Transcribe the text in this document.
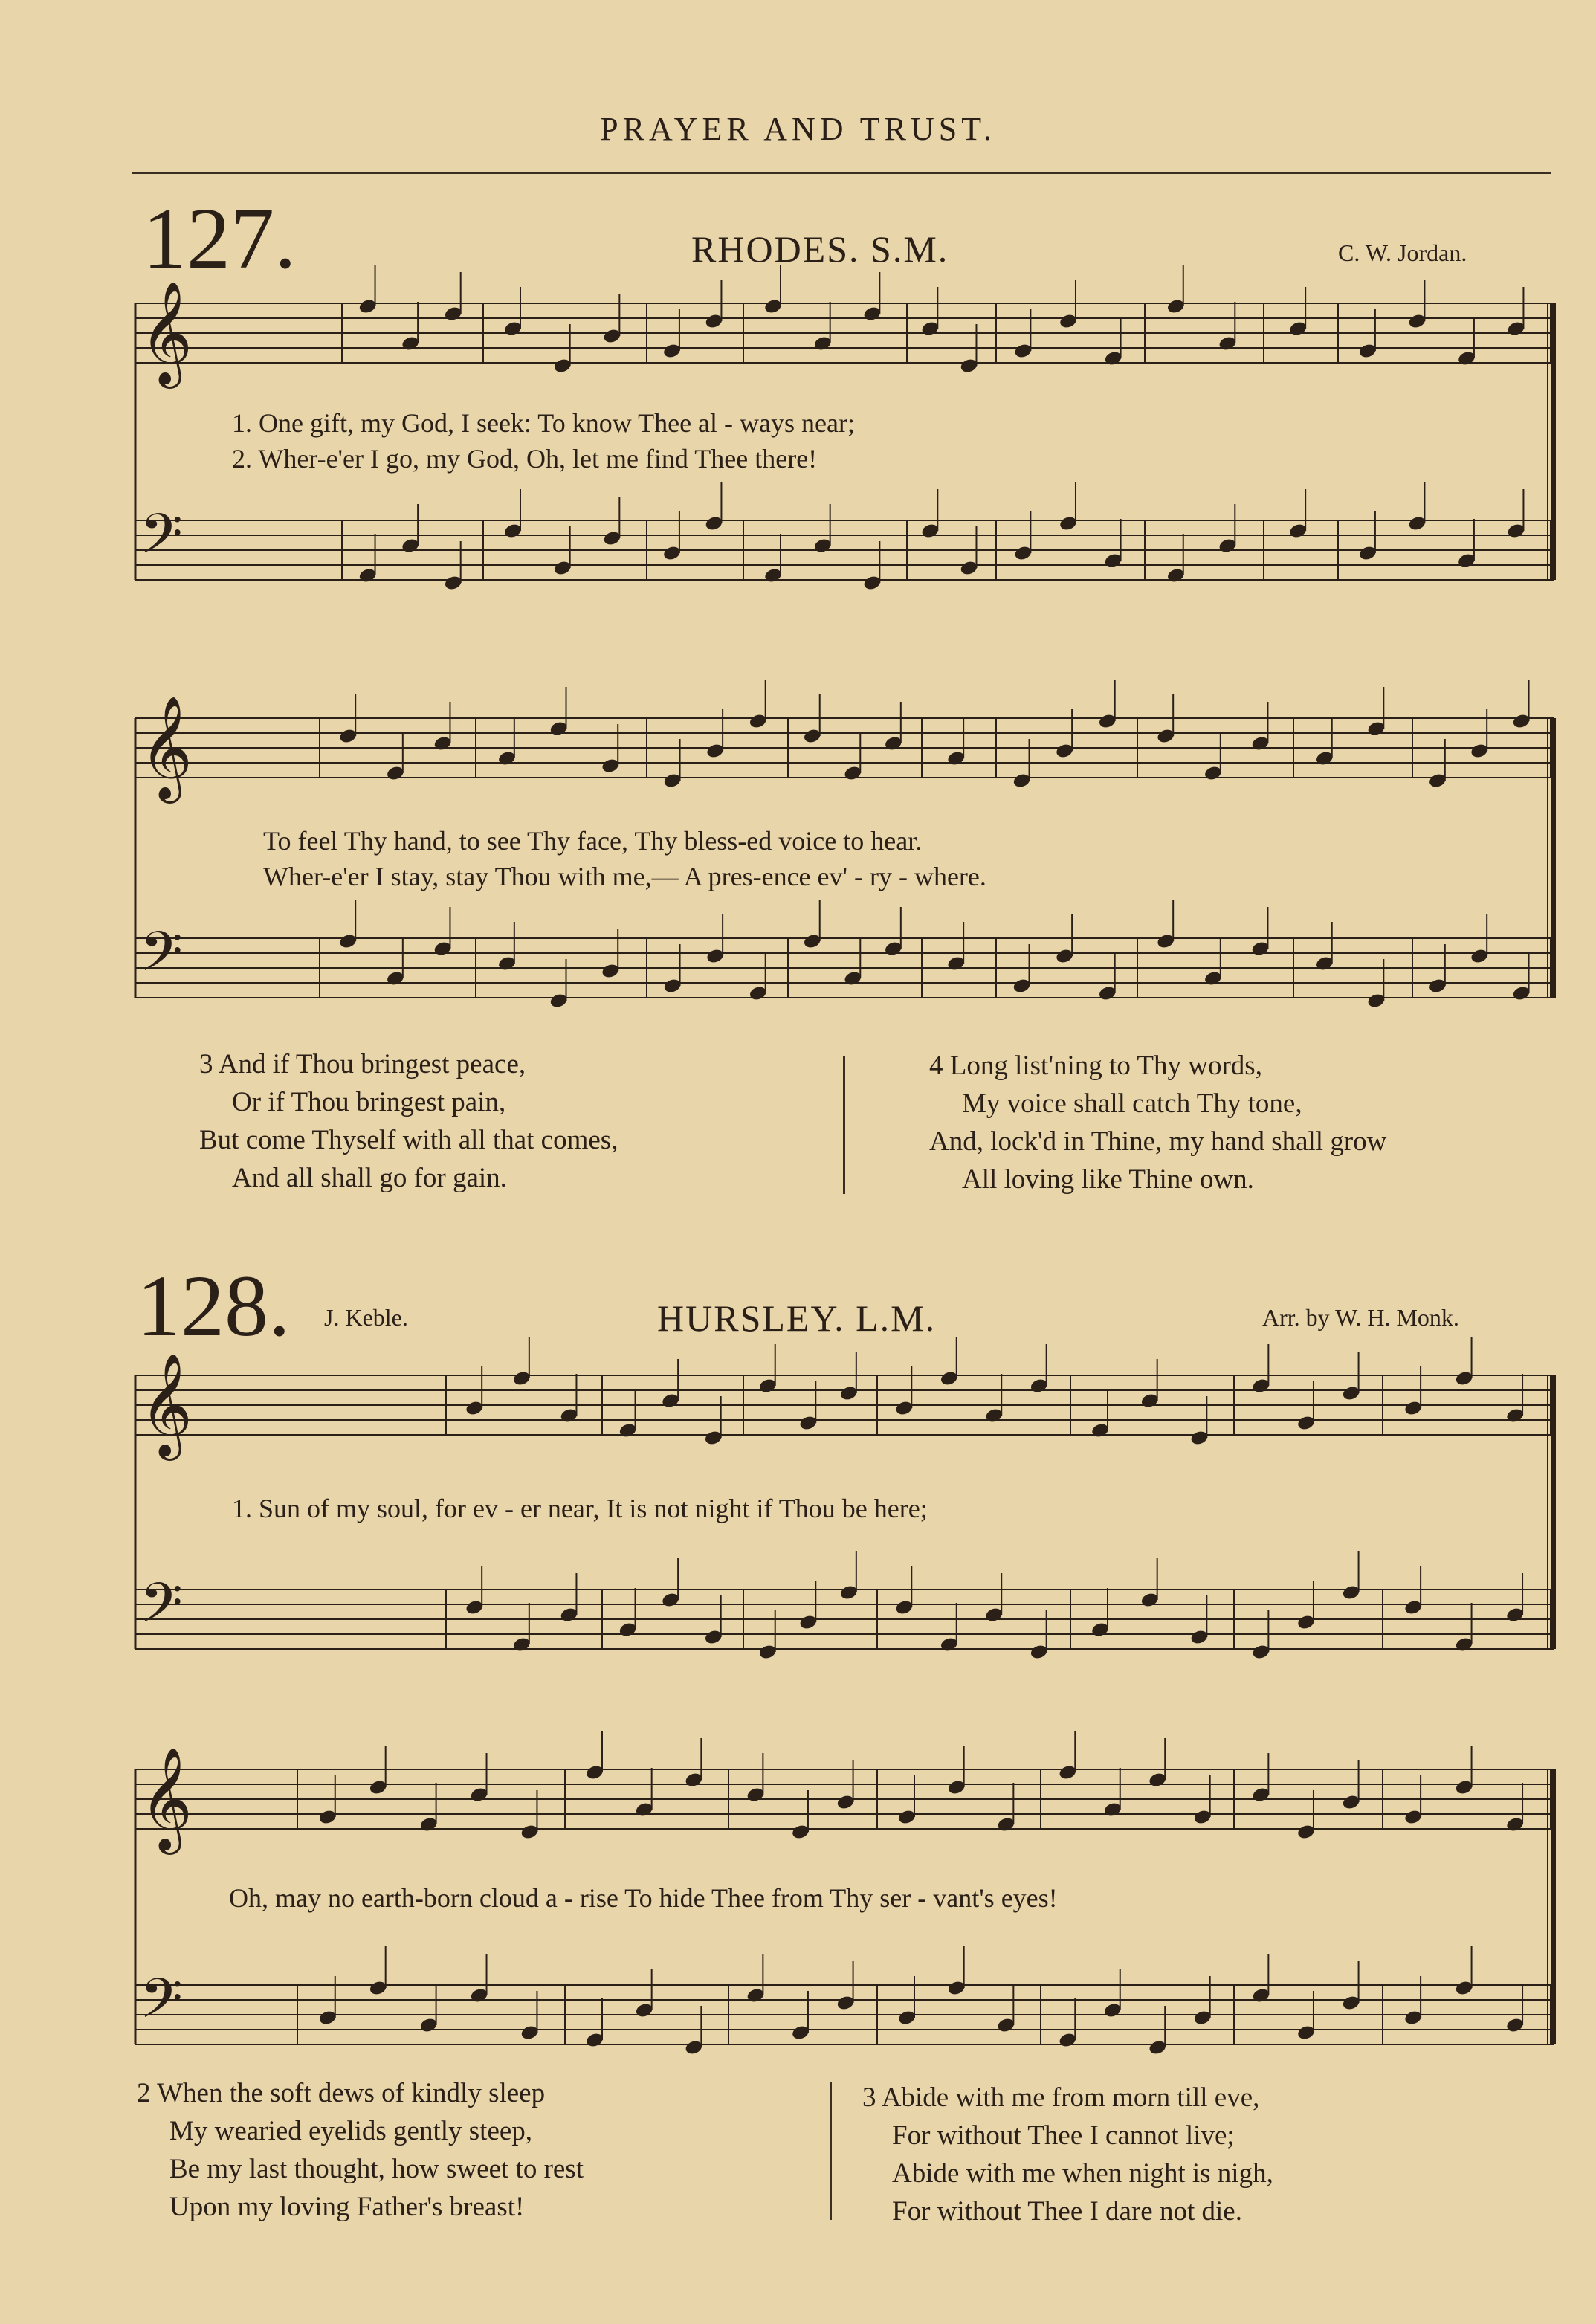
𝄞
𝄢
𝄞
𝄢
𝄞
𝄢
𝄞
𝄢
PRAYER AND TRUST.
127.	RHODES. S.M.	C. W. Jordan.
1. One gift, my God, I seek: To know Thee al - ways near;
2. Wher-e'er I go, my God, Oh, let me find Thee there!
To feel Thy hand, to see Thy face, Thy bless-ed voice to hear.
Wher-e'er I stay, stay Thou with me,— A pres-ence ev' - ry - where.
3 And if Thou bringest peace,
Or if Thou bringest pain,
But come Thyself with all that comes,
And all shall go for gain.
4 Long list'ning to Thy words,
My voice shall catch Thy tone,
And, lock'd in Thine, my hand shall grow
All loving like Thine own.
128. J. Keble.	HURSLEY. L.M.	Arr. by W. H. Monk.
1. Sun of my soul, for ev - er near, It is not night if Thou be here;
Oh, may no earth-born cloud a - rise To hide Thee from Thy ser - vant's eyes!
2 When the soft dews of kindly sleep
My wearied eyelids gently steep,
Be my last thought, how sweet to rest
Upon my loving Father's breast!
3 Abide with me from morn till eve,
For without Thee I cannot live;
Abide with me when night is nigh,
For without Thee I dare not die.
